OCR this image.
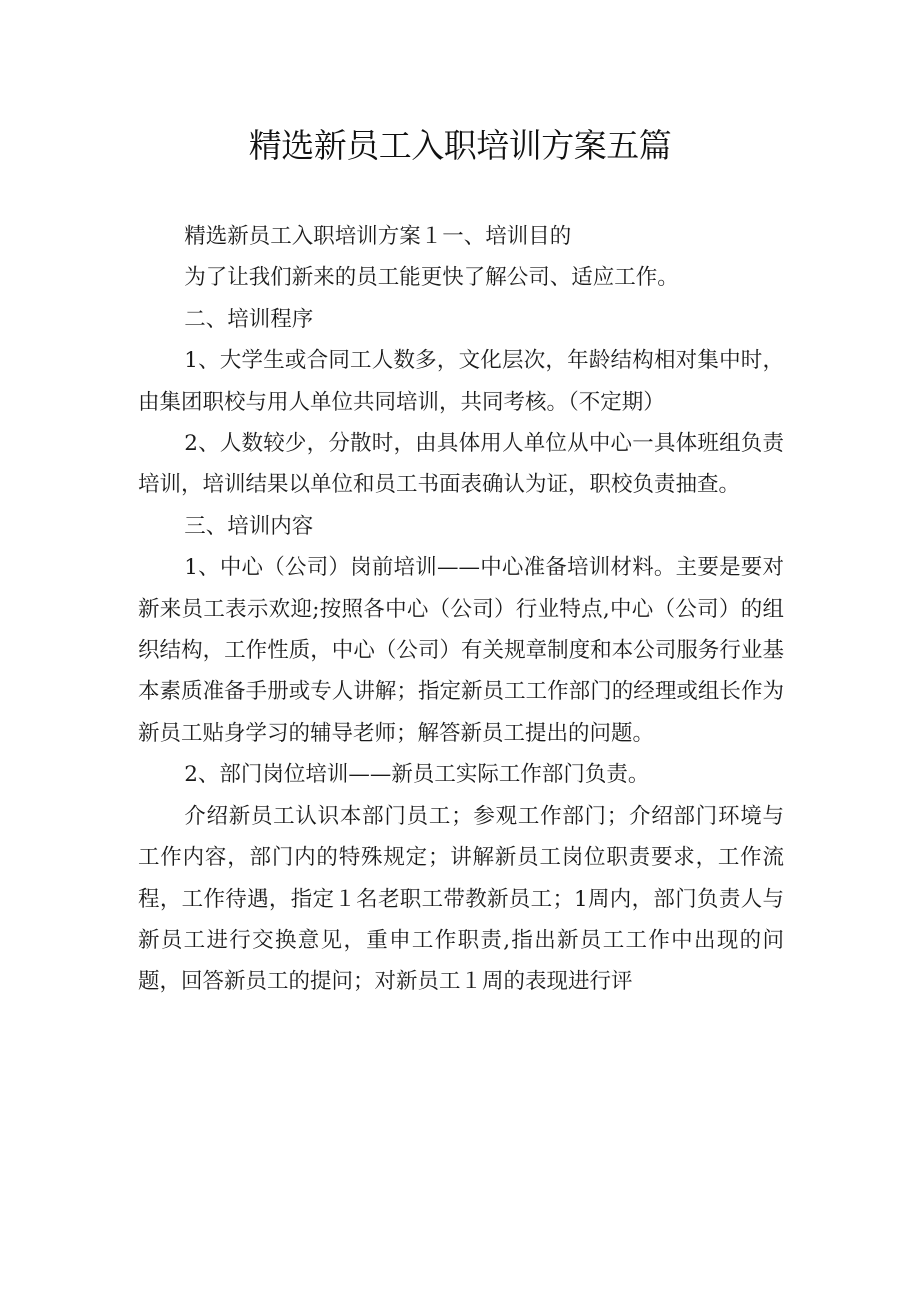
精选新员工入职培训方案五篇

精选新员工入职培训方案１一、培训目的

为了让我们新来的员工能更快了解公司、适应工作。

二、培训程序

1、大学生或合同工人数多，文化层次，年龄结构相对集中时，由集团职校与用人单位共同培训，共同考核。（不定期）

2、人数较少，分散时，由具体用人单位从中心一具体班组负责培训，培训结果以单位和员工书面表确认为证，职校负责抽查。

三、培训内容

1、中心（公司）岗前培训——中心准备培训材料。主要是要对新来员工表示欢迎;按照各中心（公司）行业特点,中心（公司）的组织结构，工作性质，中心（公司）有关规章制度和本公司服务行业基本素质准备手册或专人讲解；指定新员工工作部门的经理或组长作为新员工贴身学习的辅导老师；解答新员工提出的问题。

2、部门岗位培训——新员工实际工作部门负责。

介绍新员工认识本部门员工；参观工作部门；介绍部门环境与工作内容，部门内的特殊规定；讲解新员工岗位职责要求，工作流程，工作待遇，指定１名老职工带教新员工；1周内，部门负责人与新员工进行交换意见，重申工作职责,指出新员工工作中出现的问题，回答新员工的提问；对新员工１周的表现进行评
